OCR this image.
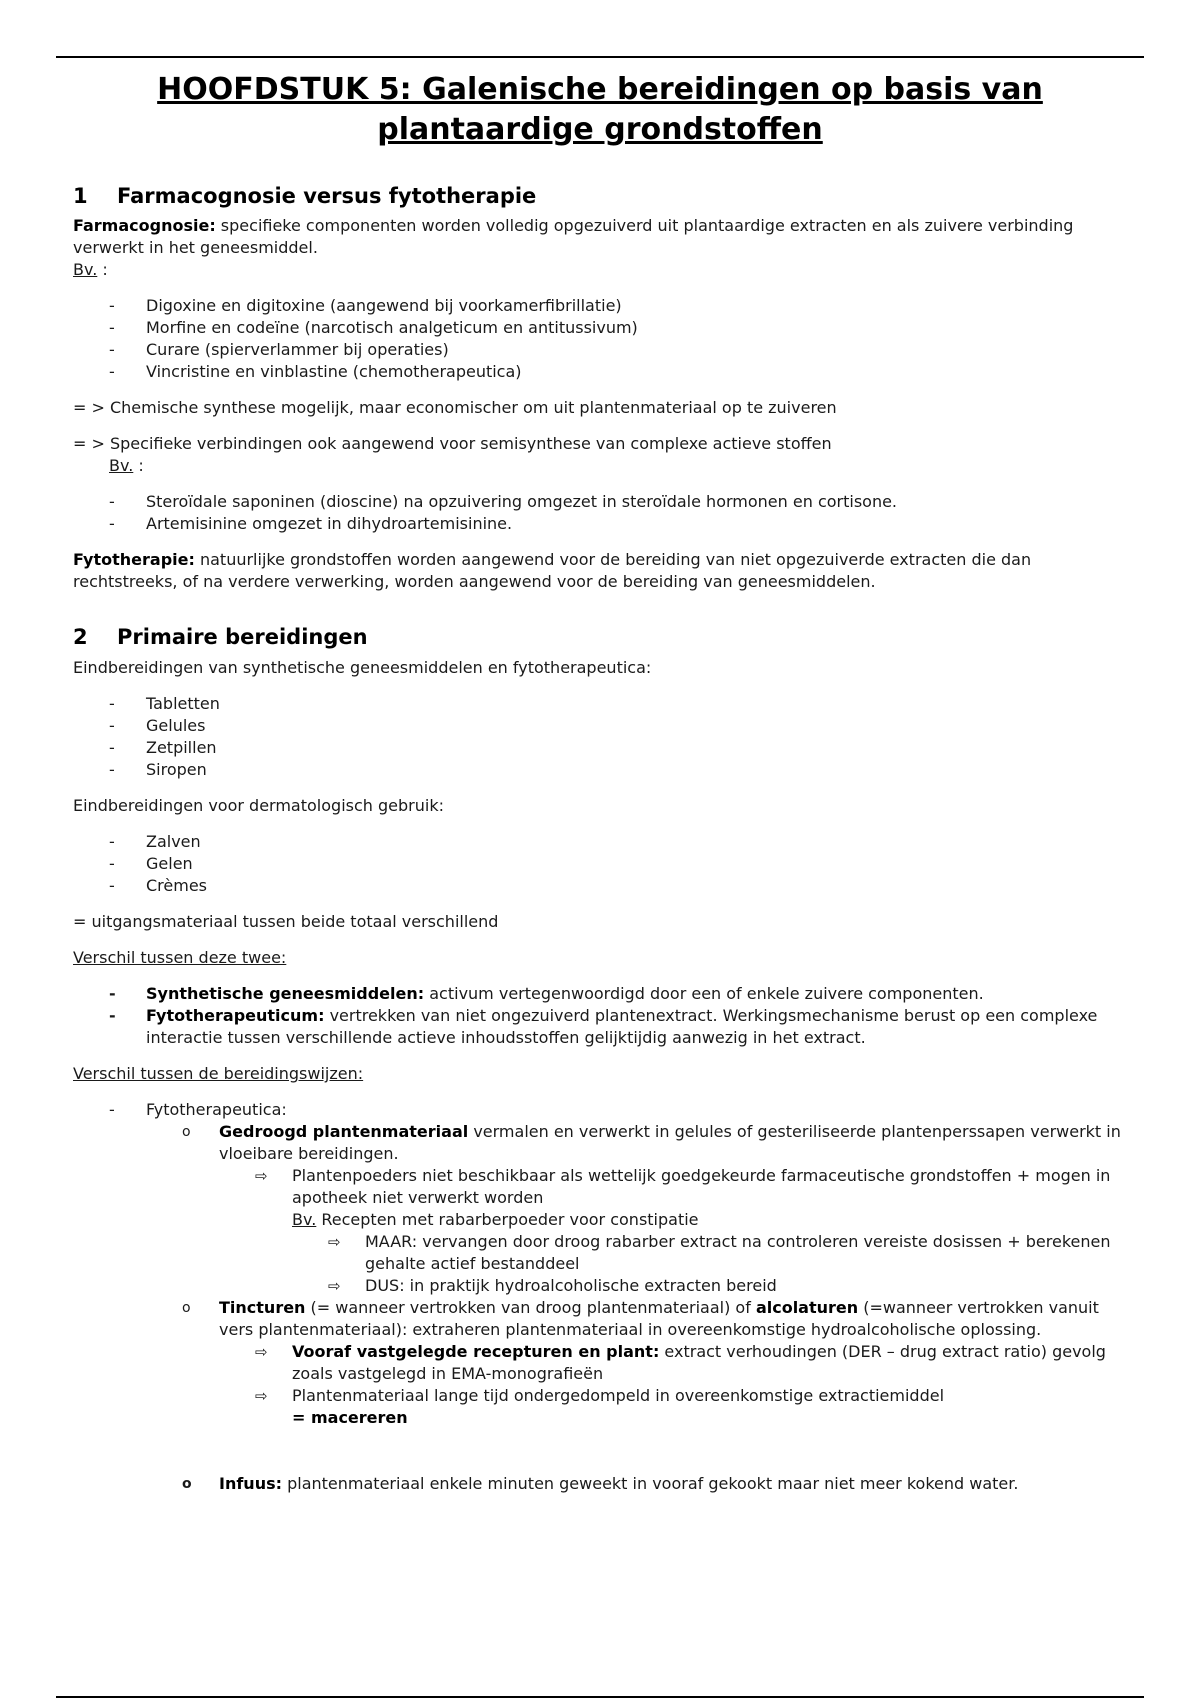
HOOFDSTUK 5: Galenische bereidingen op basis van plantaardige grondstoffen
1 Farmacognosie versus fytotherapie

Farmacognosie: specifieke componenten worden volledig opgezuiverd uit plantaardige extracten en als zuivere verbinding verwerkt in het geneesmiddel.

Bv. :

- Digoxine en digitoxine (aangewend bij voorkamerfibrillatie)
- Morfine en codeïne (narcotisch analgeticum en antitussivum)
- Curare (spierverlammer bij operaties)
- Vincristine en vinblastine (chemotherapeutica)

= > Chemische synthese mogelijk, maar economischer om uit plantenmateriaal op te zuiveren

= > Specifieke verbindingen ook aangewend voor semisynthese van complexe actieve stoffen

Bv. :

- Steroïdale saponinen (dioscine) na opzuivering omgezet in steroïdale hormonen en cortisone.
- Artemisinine omgezet in dihydroartemisinine.

Fytotherapie: natuurlijke grondstoffen worden aangewend voor de bereiding van niet opgezuiverde extracten die dan rechtstreeks, of na verdere verwerking, worden aangewend voor de bereiding van geneesmiddelen.

2 Primaire bereidingen

Eindbereidingen van synthetische geneesmiddelen en fytotherapeutica:

- Tabletten
- Gelules
- Zetpillen
- Siropen

Eindbereidingen voor dermatologisch gebruik:

- Zalven
- Gelen
- Crèmes

= uitgangsmateriaal tussen beide totaal verschillend

Verschil tussen deze twee:

- Synthetische geneesmiddelen: activum vertegenwoordigd door een of enkele zuivere componenten.
- Fytotherapeuticum: vertrekken van niet ongezuiverd plantenextract. Werkingsmechanisme berust op een complexe interactie tussen verschillende actieve inhoudsstoffen gelijktijdig aanwezig in het extract.

Verschil tussen de bereidingswijzen:

- Fytotherapeutica:
o Gedroogd plantenmateriaal vermalen en verwerkt in gelules of gesteriliseerde plantenperssapen verwerkt in vloeibare bereidingen.
⇨ Plantenpoeders niet beschikbaar als wettelijk goedgekeurde farmaceutische grondstoffen + mogen in apotheek niet verwerkt worden
Bv. Recepten met rabarberpoeder voor constipatie
⇨ MAAR: vervangen door droog rabarber extract na controleren vereiste dosissen + berekenen gehalte actief bestanddeel
⇨ DUS: in praktijk hydroalcoholische extracten bereid
o Tincturen (= wanneer vertrokken van droog plantenmateriaal) of alcolaturen (=wanneer vertrokken vanuit vers plantenmateriaal): extraheren plantenmateriaal in overeenkomstige hydroalcoholische oplossing.
⇨ Vooraf vastgelegde recepturen en plant: extract verhoudingen (DER – drug extract ratio) gevolg zoals vastgelegd in EMA-monografieën
⇨ Plantenmateriaal lange tijd ondergedompeld in overeenkomstige extractiemiddel
= macereren
o Infuus: plantenmateriaal enkele minuten geweekt in vooraf gekookt maar niet meer kokend water.
